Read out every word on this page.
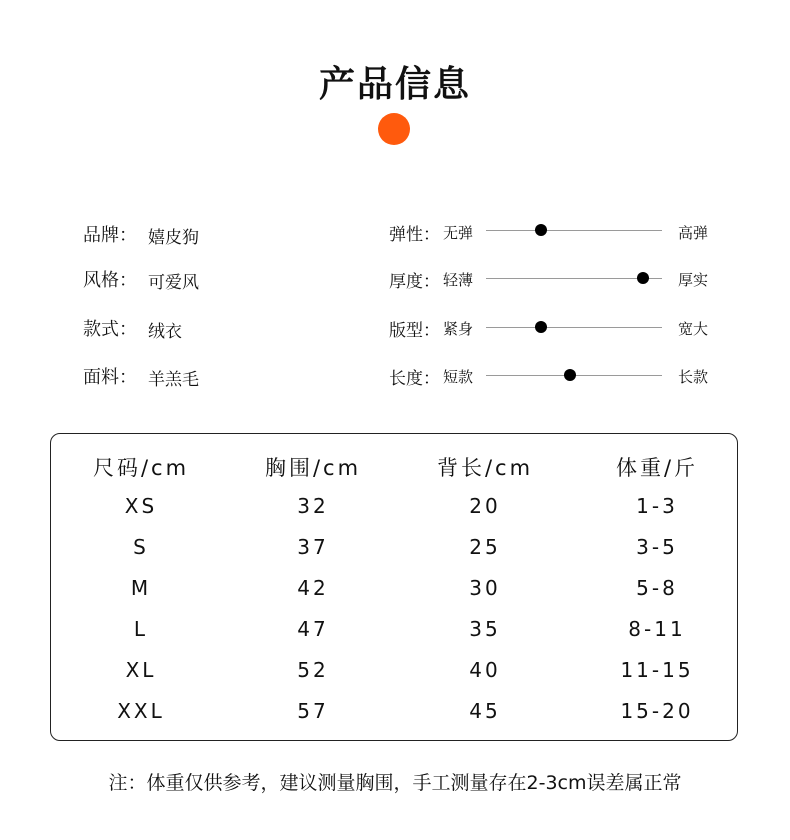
产品信息
品牌： 嬉皮狗
风格： 可爱风
款式： 绒衣
面料： 羊羔毛
弹性： 无弹	高弹
厚度： 轻薄	厚实
版型： 紧身	宽大
长度： 短款	长款
尺码/cm	胸围/cm	背长/cm	体重/斤
XS	32	20	1-3
S	37	25	3-5
M	42	30	5-8
L	47	35	8-11
XL	52	40	11-15
XXL	57	45	15-20
注：体重仅供参考，建议测量胸围，手工测量存在2-3cm误差属正常
